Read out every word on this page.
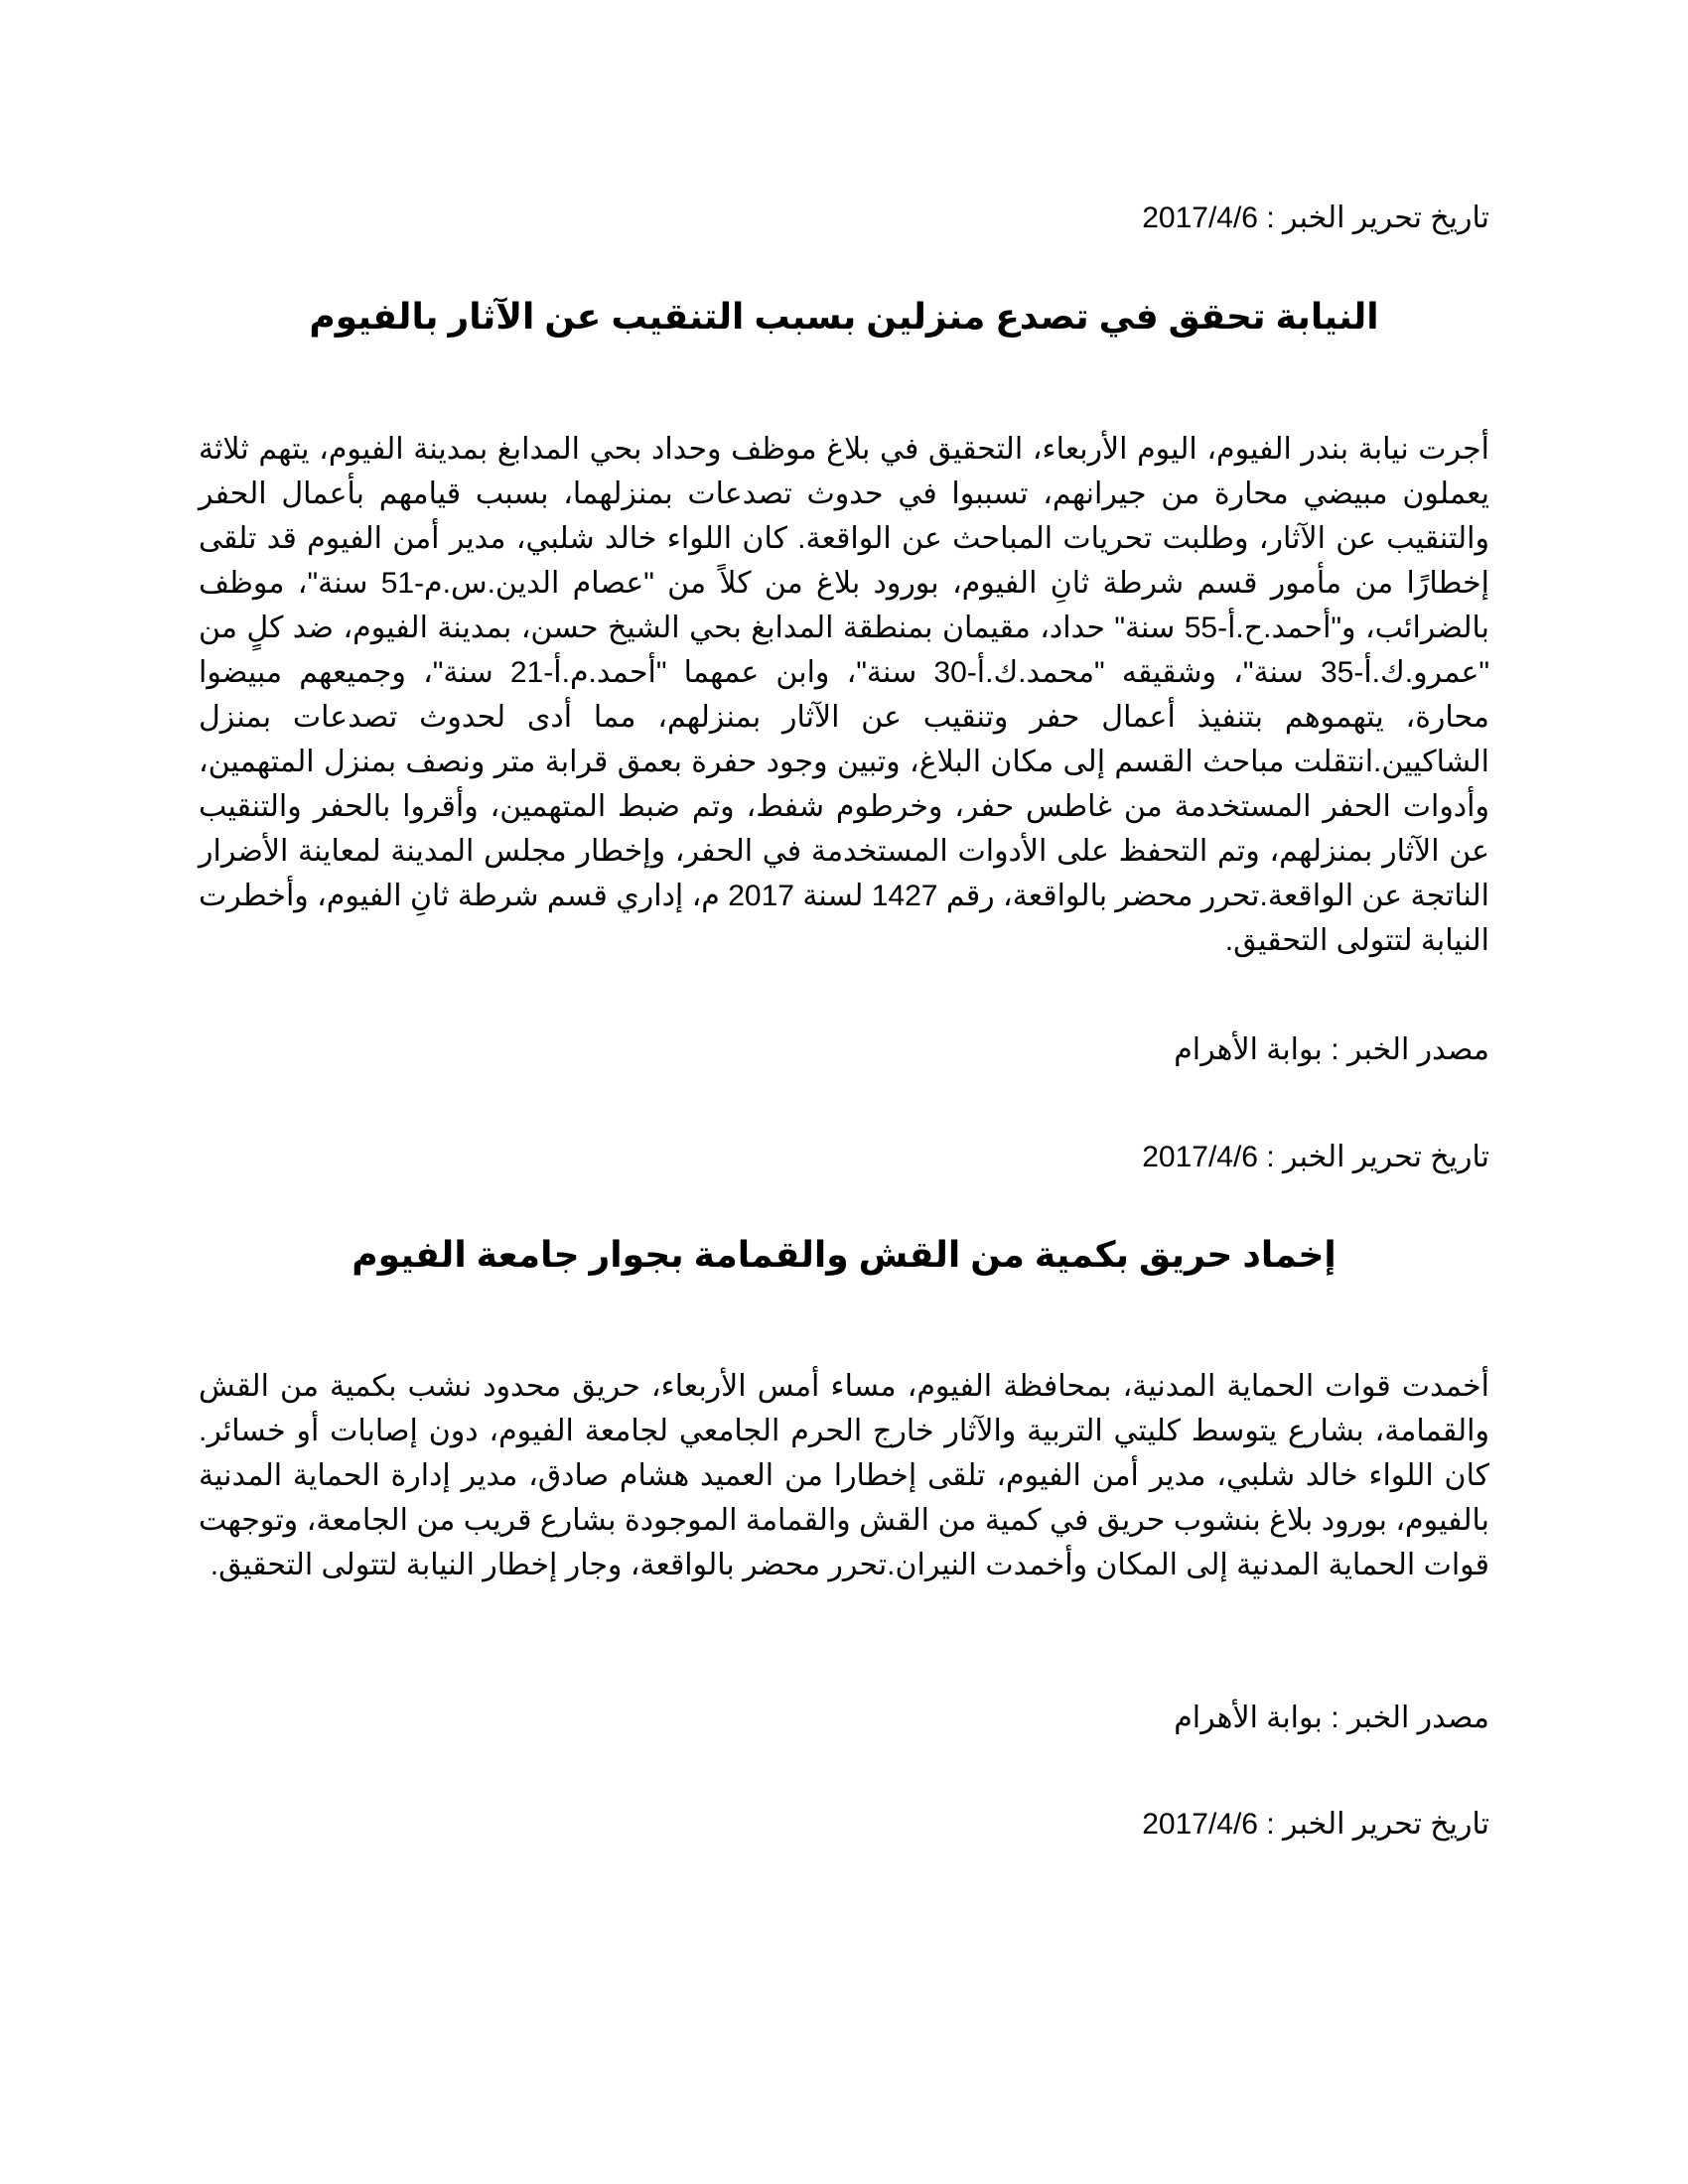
تاريخ تحرير الخبر : 2017/4/6
النيابة تحقق في تصدع منزلين بسبب التنقيب عن الآثار بالفيوم

أجرت نيابة بندر الفيوم، اليوم الأربعاء، التحقيق في بلاغ موظف وحداد بحي المدابغ بمدينة الفيوم، يتهم ثلاثة يعملون مبيضي محارة من جيرانهم، تسببوا في حدوث تصدعات بمنزلهما، بسبب قيامهم بأعمال الحفر والتنقيب عن الآثار، وطلبت تحريات المباحث عن الواقعة. كان اللواء خالد شلبي، مدير أمن الفيوم قد تلقى إخطارًا من مأمور قسم شرطة ثانِ الفيوم، بورود بلاغ من كلاً من "عصام الدين.س.م-51 سنة"، موظف بالضرائب، و"أحمد.ح.أ-55 سنة" حداد، مقيمان بمنطقة المدابغ بحي الشيخ حسن، بمدينة الفيوم، ضد كلٍ من "عمرو.ك.أ-35 سنة"، وشقيقه "محمد.ك.أ-30 سنة"، وابن عمهما "أحمد.م.أ-21 سنة"، وجميعهم مبيضوا محارة، يتهموهم بتنفيذ أعمال حفر وتنقيب عن الآثار بمنزلهم، مما أدى لحدوث تصدعات بمنزل الشاكيين.انتقلت مباحث القسم إلى مكان البلاغ، وتبين وجود حفرة بعمق قرابة متر ونصف بمنزل المتهمين، وأدوات الحفر المستخدمة من غاطس حفر، وخرطوم شفط، وتم ضبط المتهمين، وأقروا بالحفر والتنقيب عن الآثار بمنزلهم، وتم التحفظ على الأدوات المستخدمة في الحفر، وإخطار مجلس المدينة لمعاينة الأضرار الناتجة عن الواقعة.تحرر محضر بالواقعة، رقم 1427 لسنة 2017 م، إداري قسم شرطة ثانِ الفيوم، وأخطرت النيابة لتتولى التحقيق.

مصدر الخبر : بوابة الأهرام
تاريخ تحرير الخبر : 2017/4/6
إخماد حريق بكمية من القش والقمامة بجوار جامعة الفيوم

أخمدت قوات الحماية المدنية، بمحافظة الفيوم، مساء أمس الأربعاء، حريق محدود نشب بكمية من القش والقمامة، بشارع يتوسط كليتي التربية والآثار خارج الحرم الجامعي لجامعة الفيوم، دون إصابات أو خسائر. كان اللواء خالد شلبي، مدير أمن الفيوم، تلقى إخطارا من العميد هشام صادق، مدير إدارة الحماية المدنية بالفيوم، بورود بلاغ بنشوب حريق في كمية من القش والقمامة الموجودة بشارع قريب من الجامعة، وتوجهت قوات الحماية المدنية إلى المكان وأخمدت النيران.تحرر محضر بالواقعة، وجار إخطار النيابة لتتولى التحقيق.

مصدر الخبر : بوابة الأهرام
تاريخ تحرير الخبر : 2017/4/6
